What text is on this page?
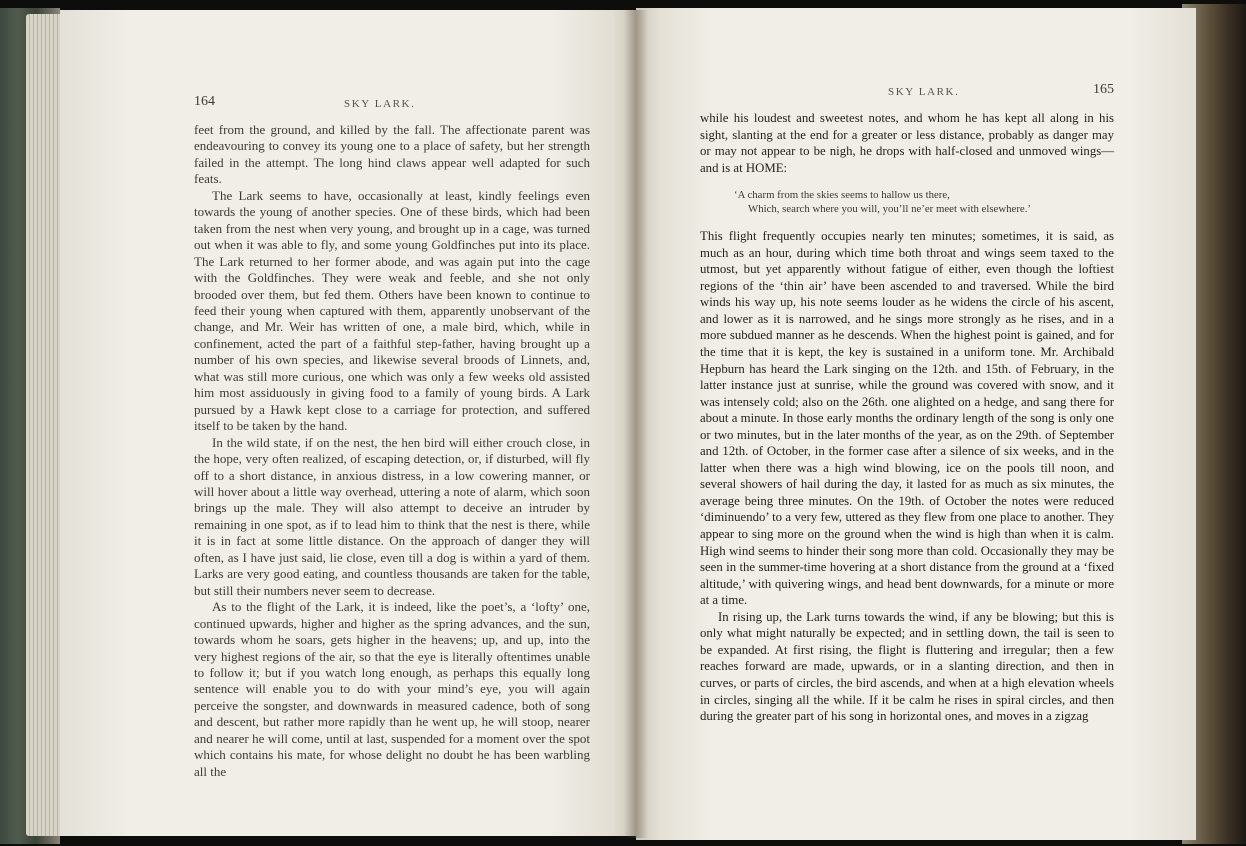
164	SKY LARK.

feet from the ground, and killed by the fall. The affectionate parent was endeavouring to convey its young one to a place of safety, but her strength failed in the attempt. The long hind claws appear well adapted for such feats.

The Lark seems to have, occasionally at least, kindly feelings even towards the young of another species. One of these birds, which had been taken from the nest when very young, and brought up in a cage, was turned out when it was able to fly, and some young Goldfinches put into its place. The Lark returned to her former abode, and was again put into the cage with the Goldfinches. They were weak and feeble, and she not only brooded over them, but fed them. Others have been known to continue to feed their young when captured with them, apparently unobservant of the change, and Mr. Weir has written of one, a male bird, which, while in confinement, acted the part of a faithful step-father, having brought up a number of his own species, and likewise several broods of Linnets, and, what was still more curious, one which was only a few weeks old assisted him most assiduously in giving food to a family of young birds. A Lark pursued by a Hawk kept close to a carriage for protection, and suffered itself to be taken by the hand.

In the wild state, if on the nest, the hen bird will either crouch close, in the hope, very often realized, of escaping detection, or, if disturbed, will fly off to a short distance, in anxious distress, in a low cowering manner, or will hover about a little way overhead, uttering a note of alarm, which soon brings up the male. They will also attempt to deceive an intruder by remaining in one spot, as if to lead him to think that the nest is there, while it is in fact at some little distance. On the approach of danger they will often, as I have just said, lie close, even till a dog is within a yard of them. Larks are very good eating, and countless thousands are taken for the table, but still their numbers never seem to decrease.

As to the flight of the Lark, it is indeed, like the poet’s, a ‘lofty’ one, continued upwards, higher and higher as the spring advances, and the sun, towards whom he soars, gets higher in the heavens; up, and up, into the very highest regions of the air, so that the eye is literally oftentimes unable to follow it; but if you watch long enough, as perhaps this equally long sentence will enable you to do with your mind’s eye, you will again perceive the songster, and downwards in measured cadence, both of song and descent, but rather more rapidly than he went up, he will stoop, nearer and nearer he will come, until at last, suspended for a moment over the spot which contains his mate, for whose delight no doubt he has been warbling all the

SKY LARK.	165

while his loudest and sweetest notes, and whom he has kept all along in his sight, slanting at the end for a greater or less distance, probably as danger may or may not appear to be nigh, he drops with half-closed and unmoved wings—and is at HOME:

‘A charm from the skies seems to hallow us there,
Which, search where you will, you’ll ne’er meet with elsewhere.’

This flight frequently occupies nearly ten minutes; sometimes, it is said, as much as an hour, during which time both throat and wings seem taxed to the utmost, but yet apparently without fatigue of either, even though the loftiest regions of the ‘thin air’ have been ascended to and traversed. While the bird winds his way up, his note seems louder as he widens the circle of his ascent, and lower as it is narrowed, and he sings more strongly as he rises, and in a more subdued manner as he descends. When the highest point is gained, and for the time that it is kept, the key is sustained in a uniform tone. Mr. Archibald Hepburn has heard the Lark singing on the 12th. and 15th. of February, in the latter instance just at sunrise, while the ground was covered with snow, and it was intensely cold; also on the 26th. one alighted on a hedge, and sang there for about a minute. In those early months the ordinary length of the song is only one or two minutes, but in the later months of the year, as on the 29th. of September and 12th. of October, in the former case after a silence of six weeks, and in the latter when there was a high wind blowing, ice on the pools till noon, and several showers of hail during the day, it lasted for as much as six minutes, the average being three minutes. On the 19th. of October the notes were reduced ‘diminuendo’ to a very few, uttered as they flew from one place to another. They appear to sing more on the ground when the wind is high than when it is calm. High wind seems to hinder their song more than cold. Occasionally they may be seen in the summer-time hovering at a short distance from the ground at a ‘fixed altitude,’ with quivering wings, and head bent downwards, for a minute or more at a time.

In rising up, the Lark turns towards the wind, if any be blowing; but this is only what might naturally be expected; and in settling down, the tail is seen to be expanded. At first rising, the flight is fluttering and irregular; then a few reaches forward are made, upwards, or in a slanting direction, and then in curves, or parts of circles, the bird ascends, and when at a high elevation wheels in circles, singing all the while. If it be calm he rises in spiral circles, and then during the greater part of his song in horizontal ones, and moves in a zigzag
